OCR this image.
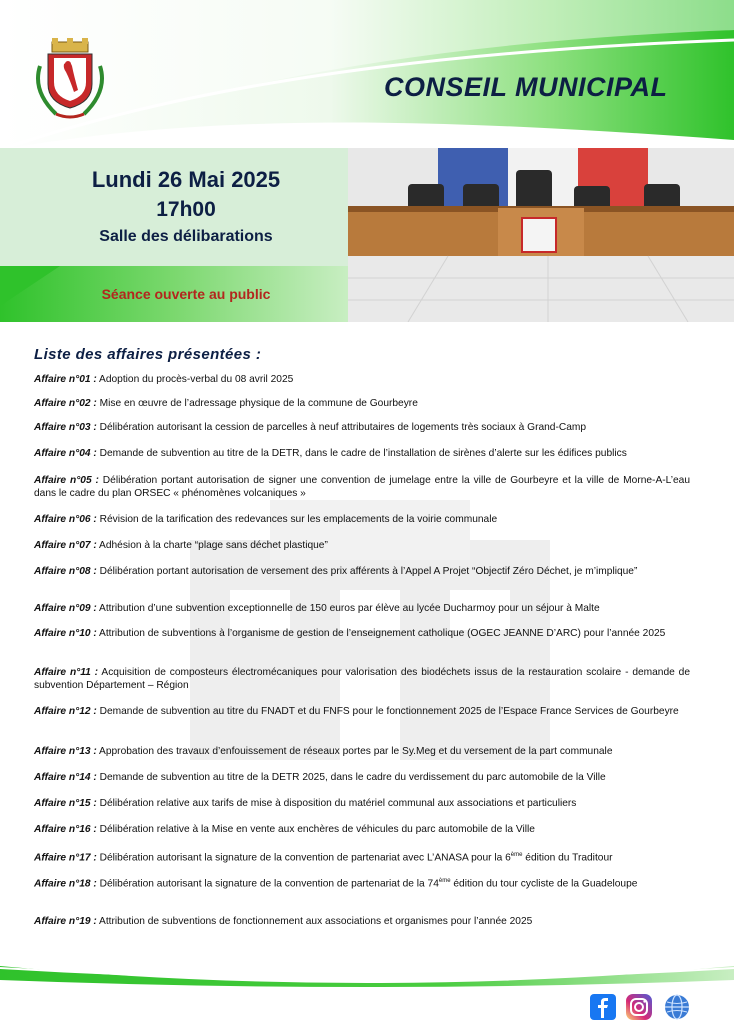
CONSEIL MUNICIPAL
Lundi 26 Mai 2025
17h00
Salle des délibarations
Séance ouverte au public
Liste des affaires présentées :
Affaire n°01 : Adoption du procès-verbal du 08 avril 2025
Affaire n°02 : Mise en œuvre de l’adressage physique de la commune de Gourbeyre
Affaire n°03 : Délibération autorisant la cession de parcelles à neuf attributaires de logements très sociaux à Grand-Camp
Affaire n°04 : Demande de subvention au titre de la DETR, dans le cadre de l’installation de sirènes d’alerte sur les édifices publics
Affaire n°05 : Délibération portant autorisation de signer une convention de jumelage entre la ville de Gourbeyre et la ville de Morne-A-L’eau dans le cadre du plan ORSEC « phénomènes volcaniques »
Affaire n°06 : Révision de la tarification des redevances sur les emplacements de la voirie communale
Affaire n°07 : Adhésion à la charte “plage sans déchet plastique”
Affaire n°08 : Délibération portant autorisation de versement des prix afférents à l’Appel A Projet “Objectif Zéro Déchet, je m’implique”
Affaire n°09 : Attribution d’une subvention exceptionnelle de 150 euros par élève au lycée Ducharmoy pour un séjour à Malte
Affaire n°10 : Attribution de subventions à l’organisme de gestion de l’enseignement catholique (OGEC JEANNE D’ARC) pour l’année 2025
Affaire n°11 : Acquisition de composteurs électromécaniques pour valorisation des biodéchets issus de la restauration scolaire - demande de subvention Département – Région
Affaire n°12 : Demande de subvention au titre du FNADT et du FNFS pour le fonctionnement 2025 de l’Espace France Services de Gourbeyre
Affaire n°13 : Approbation des travaux d’enfouissement de réseaux portes par le Sy.Meg et du versement de la part communale
Affaire n°14 : Demande de subvention au titre de la DETR 2025, dans le cadre du verdissement du parc automobile de la Ville
Affaire n°15 : Délibération relative aux tarifs de mise à disposition du matériel communal aux associations et particuliers
Affaire n°16 : Délibération relative à la Mise en vente aux enchères de véhicules du parc automobile de la Ville
Affaire n°17 : Délibération autorisant la signature de la convention de partenariat avec L’ANASA pour la 6ème édition du Traditour
Affaire n°18 : Délibération autorisant la signature de la convention de partenariat de la 74ème édition du tour cycliste de la Guadeloupe
Affaire n°19 : Attribution de subventions de fonctionnement aux associations et organismes pour l’année 2025
